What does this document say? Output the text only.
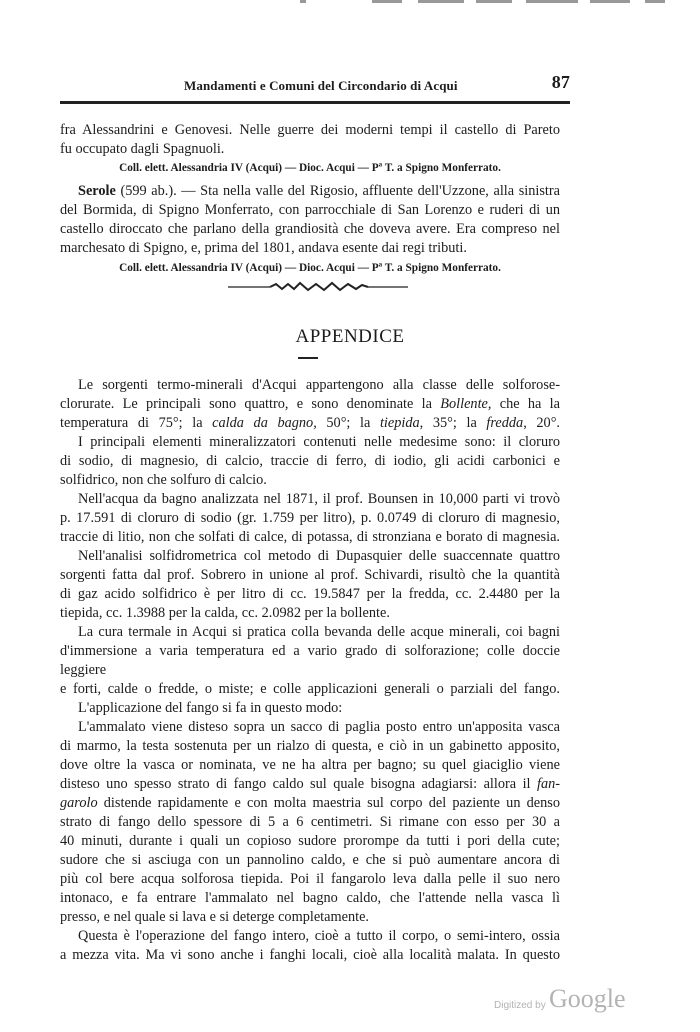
Mandamenti e Comuni del Circondario di Acqui	87

fra Alessandrini e Genovesi. Nelle guerre dei moderni tempi il castello di Pareto

fu occupato dagli Spagnuoli.

Coll. elett. Alessandria IV (Acqui) — Dioc. Acqui — Pª T. a Spigno Monferrato.

Serole (599 ab.). — Sta nella valle del Rigosio, affluente dell'Uzzone, alla sinistra

del Bormida, di Spigno Monferrato, con parrocchiale di San Lorenzo e ruderi di un

castello diroccato che parlano della grandiosità che doveva avere. Era compreso nel

marchesato di Spigno, e, prima del 1801, andava esente dai regi tributi.

Coll. elett. Alessandria IV (Acqui) — Dioc. Acqui — Pª T. a Spigno Monferrato.

APPENDICE

Le sorgenti termo-minerali d'Acqui appartengono alla classe delle solforose-

clorurate. Le principali sono quattro, e sono denominate la Bollente, che ha la

temperatura di 75°; la calda da bagno, 50°; la tiepida, 35°; la fredda, 20°.

I principali elementi mineralizzatori contenuti nelle medesime sono: il cloruro

di sodio, di magnesio, di calcio, traccie di ferro, di iodio, gli acidi carbonici e

solfidrico, non che solfuro di calcio.

Nell'acqua da bagno analizzata nel 1871, il prof. Bounsen in 10,000 parti vi trovò

p. 17.591 di cloruro di sodio (gr. 1.759 per litro), p. 0.0749 di cloruro di magnesio,

traccie di litio, non che solfati di calce, di potassa, di stronziana e borato di magnesia.

Nell'analisi solfidrometrica col metodo di Dupasquier delle suaccennate quattro

sorgenti fatta dal prof. Sobrero in unione al prof. Schivardi, risultò che la quantità

di gaz acido solfidrico è per litro di cc. 19.5847 per la fredda, cc. 2.4480 per la

tiepida, cc. 1.3988 per la calda, cc. 2.0982 per la bollente.

La cura termale in Acqui si pratica colla bevanda delle acque minerali, coi bagni

d'immersione a varia temperatura ed a vario grado di solforazione; colle doccie leggiere

e forti, calde o fredde, o miste; e colle applicazioni generali o parziali del fango.

L'applicazione del fango si fa in questo modo:

L'ammalato viene disteso sopra un sacco di paglia posto entro un'apposita vasca

di marmo, la testa sostenuta per un rialzo di questa, e ciò in un gabinetto apposito,

dove oltre la vasca or nominata, ve ne ha altra per bagno; su quel giaciglio viene

disteso uno spesso strato di fango caldo sul quale bisogna adagiarsi: allora il fan-

garolo distende rapidamente e con molta maestria sul corpo del paziente un denso

strato di fango dello spessore di 5 a 6 centimetri. Si rimane con esso per 30 a

40 minuti, durante i quali un copioso sudore prorompe da tutti i pori della cute;

sudore che si asciuga con un pannolino caldo, e che si può aumentare ancora di

più col bere acqua solforosa tiepida. Poi il fangarolo leva dalla pelle il suo nero

intonaco, e fa entrare l'ammalato nel bagno caldo, che l'attende nella vasca lì

presso, e nel quale si lava e si deterge completamente.

Questa è l'operazione del fango intero, cioè a tutto il corpo, o semi-intero, ossia

a mezza vita. Ma vi sono anche i fanghi locali, cioè alla località malata. In questo

Digitized by Google
